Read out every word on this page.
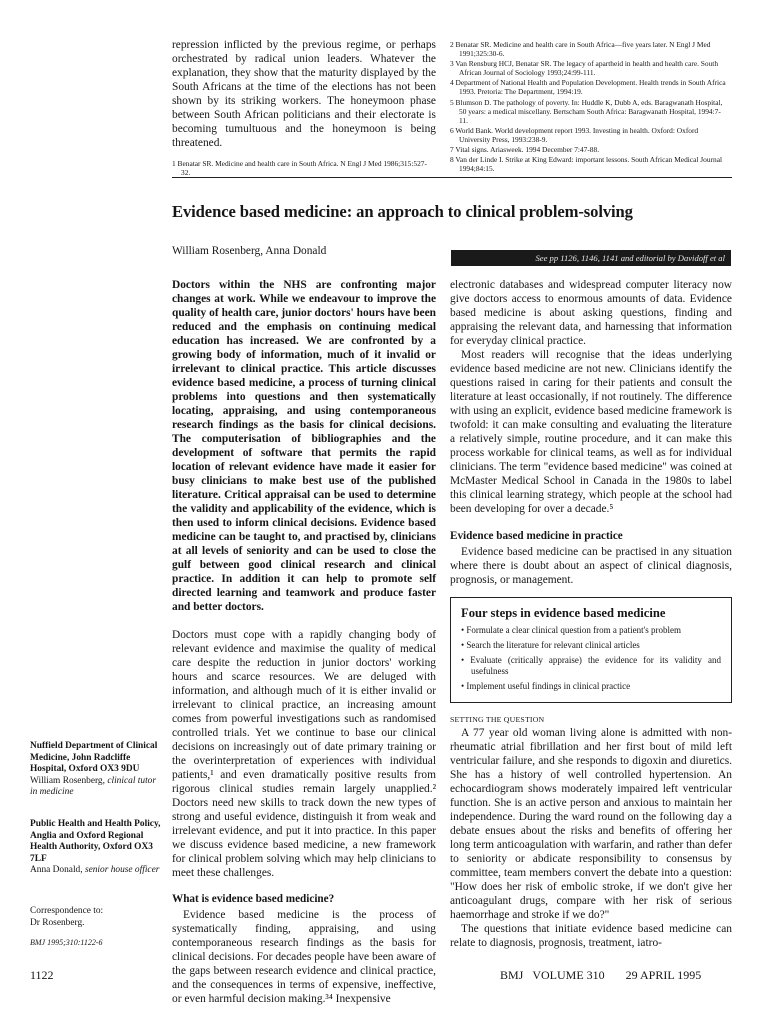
repression inflicted by the previous regime, or perhaps orchestrated by radical union leaders. Whatever the explanation, they show that the maturity displayed by the South Africans at the time of the elections has not been shown by its striking workers. The honeymoon phase between South African politicians and their electorate is becoming tumultuous and the honeymoon is being threatened.

1 Benatar SR. Medicine and health care in South Africa. N Engl J Med 1986;315:527-32.

2 Benatar SR. Medicine and health care in South Africa—five years later. N Engl J Med 1991;325:30-6.

3 Van Rensburg HCJ, Benatar SR. The legacy of apartheid in health and health care. South African Journal of Sociology 1993;24:99-111.

4 Department of National Health and Population Development. Health trends in South Africa 1993. Pretoria: The Department, 1994:19.

5 Blumson D. The pathology of poverty. In: Huddle K, Dubb A, eds. Baragwanath Hospital, 50 years: a medical miscellany. Bertscham South Africa: Baragwanath Hospital, 1994:7-11.

6 World Bank. World development report 1993. Investing in health. Oxford: Oxford University Press, 1993:238-9.

7 Vital signs. Ariasweek. 1994 December 7:47-88.

8 Van der Linde I. Strike at King Edward: important lessons. South African Medical Journal 1994;84:15.

Evidence based medicine: an approach to clinical problem-solving

William Rosenberg, Anna Donald

See pp 1126, 1146, 1141 and editorial by Davidoff et al

Doctors within the NHS are confronting major changes at work. While we endeavour to improve the quality of health care, junior doctors' hours have been reduced and the emphasis on continuing medical education has increased. We are confronted by a growing body of information, much of it invalid or irrelevant to clinical practice. This article discusses evidence based medicine, a process of turning clinical problems into questions and then systematically locating, appraising, and using contemporaneous research findings as the basis for clinical decisions. The computerisation of bibliographies and the development of software that permits the rapid location of relevant evidence have made it easier for busy clinicians to make best use of the published literature. Critical appraisal can be used to determine the validity and applicability of the evidence, which is then used to inform clinical decisions. Evidence based medicine can be taught to, and practised by, clinicians at all levels of seniority and can be used to close the gulf between good clinical research and clinical practice. In addition it can help to promote self directed learning and teamwork and produce faster and better doctors.

Doctors must cope with a rapidly changing body of relevant evidence and maximise the quality of medical care despite the reduction in junior doctors' working hours and scarce resources. We are deluged with information, and although much of it is either invalid or irrelevant to clinical practice, an increasing amount comes from powerful investigations such as randomised controlled trials. Yet we continue to base our clinical decisions on increasingly out of date primary training or the overinterpretation of experiences with individual patients,¹ and even dramatically positive results from rigorous clinical studies remain largely unapplied.² Doctors need new skills to track down the new types of strong and useful evidence, distinguish it from weak and irrelevant evidence, and put it into practice. In this paper we discuss evidence based medicine, a new framework for clinical problem solving which may help clinicians to meet these challenges.

What is evidence based medicine?

Evidence based medicine is the process of systematically finding, appraising, and using contemporaneous research findings as the basis for clinical decisions. For decades people have been aware of the gaps between research evidence and clinical practice, and the consequences in terms of expensive, ineffective, or even harmful decision making.³⁴ Inexpensive

electronic databases and widespread computer literacy now give doctors access to enormous amounts of data. Evidence based medicine is about asking questions, finding and appraising the relevant data, and harnessing that information for everyday clinical practice.

Most readers will recognise that the ideas underlying evidence based medicine are not new. Clinicians identify the questions raised in caring for their patients and consult the literature at least occasionally, if not routinely. The difference with using an explicit, evidence based medicine framework is twofold: it can make consulting and evaluating the literature a relatively simple, routine procedure, and it can make this process workable for clinical teams, as well as for individual clinicians. The term "evidence based medicine" was coined at McMaster Medical School in Canada in the 1980s to label this clinical learning strategy, which people at the school had been developing for over a decade.⁵

Evidence based medicine in practice

Evidence based medicine can be practised in any situation where there is doubt about an aspect of clinical diagnosis, prognosis, or management.

Four steps in evidence based medicine

• Formulate a clear clinical question from a patient's problem

• Search the literature for relevant clinical articles

• Evaluate (critically appraise) the evidence for its validity and usefulness

• Implement useful findings in clinical practice

SETTING THE QUESTION

A 77 year old woman living alone is admitted with non-rheumatic atrial fibrillation and her first bout of mild left ventricular failure, and she responds to digoxin and diuretics. She has a history of well controlled hypertension. An echocardiogram shows moderately impaired left ventricular function. She is an active person and anxious to maintain her independence. During the ward round on the following day a debate ensues about the risks and benefits of offering her long term anticoagulation with warfarin, and rather than defer to seniority or abdicate responsibility to consensus by committee, team members convert the debate into a question: "How does her risk of embolic stroke, if we don't give her anticoagulant drugs, compare with her risk of serious haemorrhage and stroke if we do?"

The questions that initiate evidence based medicine can relate to diagnosis, prognosis, treatment, iatro-

Nuffield Department of Clinical Medicine, John Radcliffe Hospital, Oxford OX3 9DU

William Rosenberg, clinical tutor in medicine

Public Health and Health Policy, Anglia and Oxford Regional Health Authority, Oxford OX3 7LF

Anna Donald, senior house officer

Correspondence to:

Dr Rosenberg.

BMJ 1995;310:1122-6
1122	BMJ VOLUME 310 29 APRIL 1995
